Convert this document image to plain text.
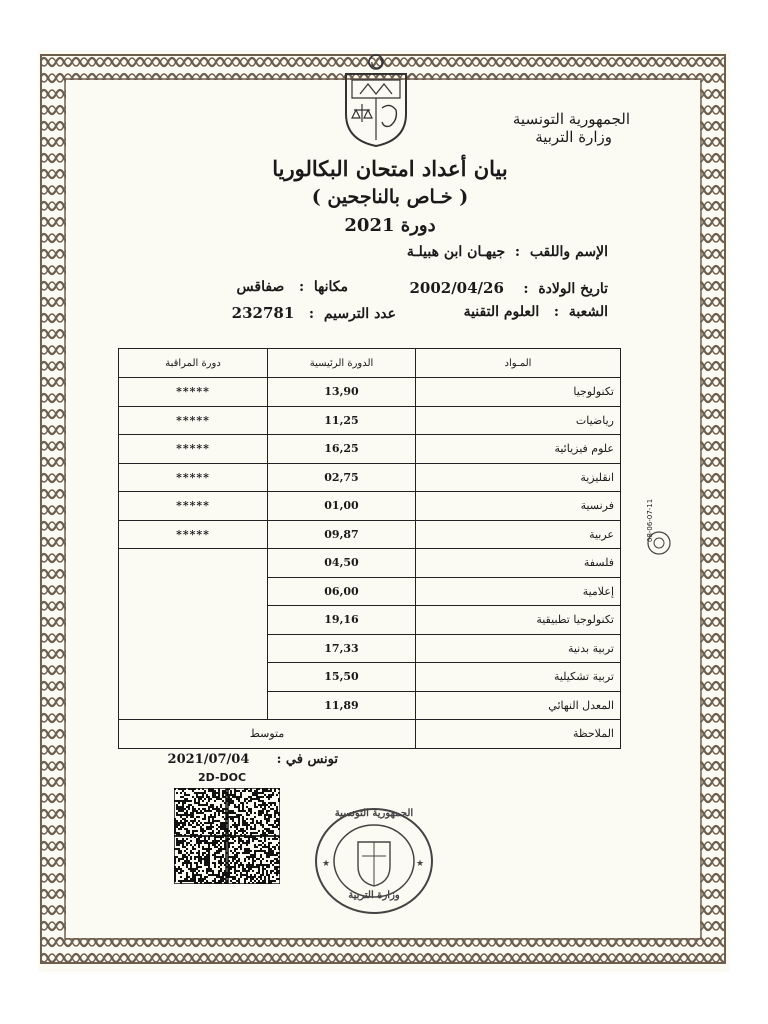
الجمهورية التونسية
وزارة التربية
بيان أعداد امتحان البكالوريا
( خـاص بالناجحين )
دورة 2021
الإسم واللقب  :  جيهـان ابن هبيلـة
تاريخ الولادة  :    2002/04/26
مكانها  :   صفاقس
الشعبة  :   العلوم التقنية
عدد الترسيم  :   232781
المـواد	الدورة الرئيسية	دورة المراقبة
تكنولوجيا	13,90	*****
رياضيات	11,25	*****
علوم فيزيائية	16,25	*****
انقليزية	02,75	*****
فرنسية	01,00	*****
عربية	09,87	*****
فلسفة	04,50	
إعلامية	06,00	
تكنولوجيا تطبيقية	19,16	
تربية بدنية	17,33	
تربية تشكيلية	15,50	
المعدل النهائي	11,89	
الملاحظة	متوسط	
08-06-07-11
تونس في :      2021/07/04
2D-DOC
★	★
الجمهورية التونسية
وزارة التربية
